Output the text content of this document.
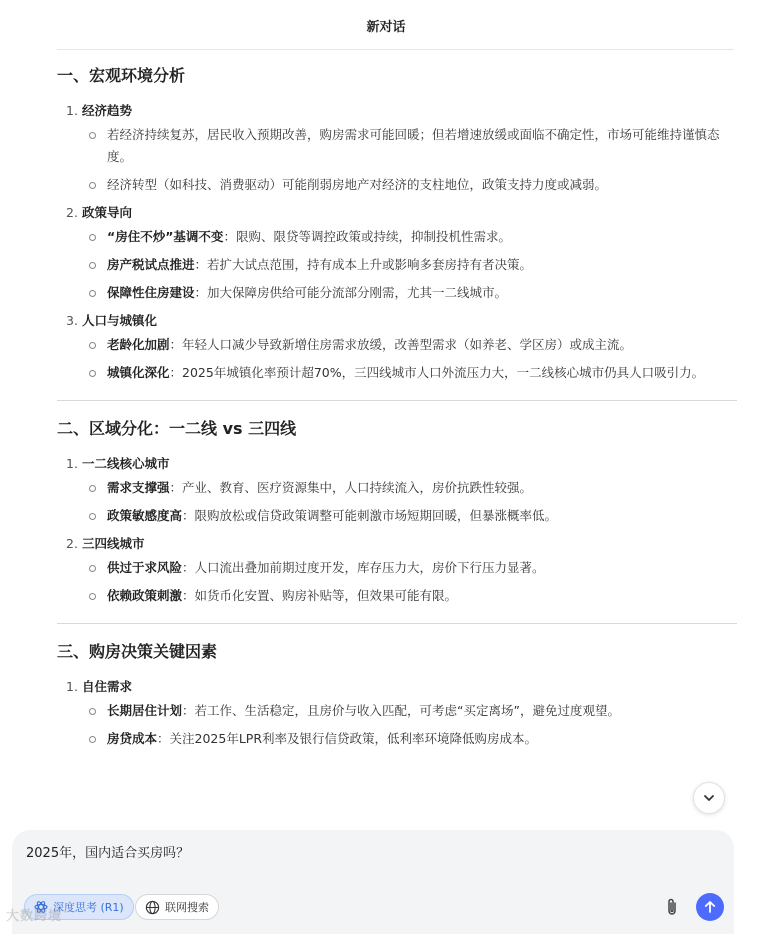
新对话
一、宏观环境分析
1. 经济趋势
若经济持续复苏，居民收入预期改善，购房需求可能回暖；但若增速放缓或面临不确定性，市场可能维持谨慎态度。
经济转型（如科技、消费驱动）可能削弱房地产对经济的支柱地位，政策支持力度或减弱。
2. 政策导向
“房住不炒”基调不变：限购、限贷等调控政策或持续，抑制投机性需求。
房产税试点推进：若扩大试点范围，持有成本上升或影响多套房持有者决策。
保障性住房建设：加大保障房供给可能分流部分刚需，尤其一二线城市。
3. 人口与城镇化
老龄化加剧：年轻人口减少导致新增住房需求放缓，改善型需求（如养老、学区房）或成主流。
城镇化深化：2025年城镇化率预计超70%，三四线城市人口外流压力大，一二线核心城市仍具人口吸引力。
二、区域分化：一二线 vs 三四线
1. 一二线核心城市
需求支撑强：产业、教育、医疗资源集中，人口持续流入，房价抗跌性较强。
政策敏感度高：限购放松或信贷政策调整可能刺激市场短期回暖，但暴涨概率低。
2. 三四线城市
供过于求风险：人口流出叠加前期过度开发，库存压力大，房价下行压力显著。
依赖政策刺激：如货币化安置、购房补贴等，但效果可能有限。
三、购房决策关键因素
1. 自住需求
长期居住计划：若工作、生活稳定，且房价与收入匹配，可考虑“买定离场”，避免过度观望。
房贷成本：关注2025年LPR利率及银行信贷政策，低利率环境降低购房成本。
2025年，国内适合买房吗？
深度思考 (R1)	联网搜索
大数跨境
